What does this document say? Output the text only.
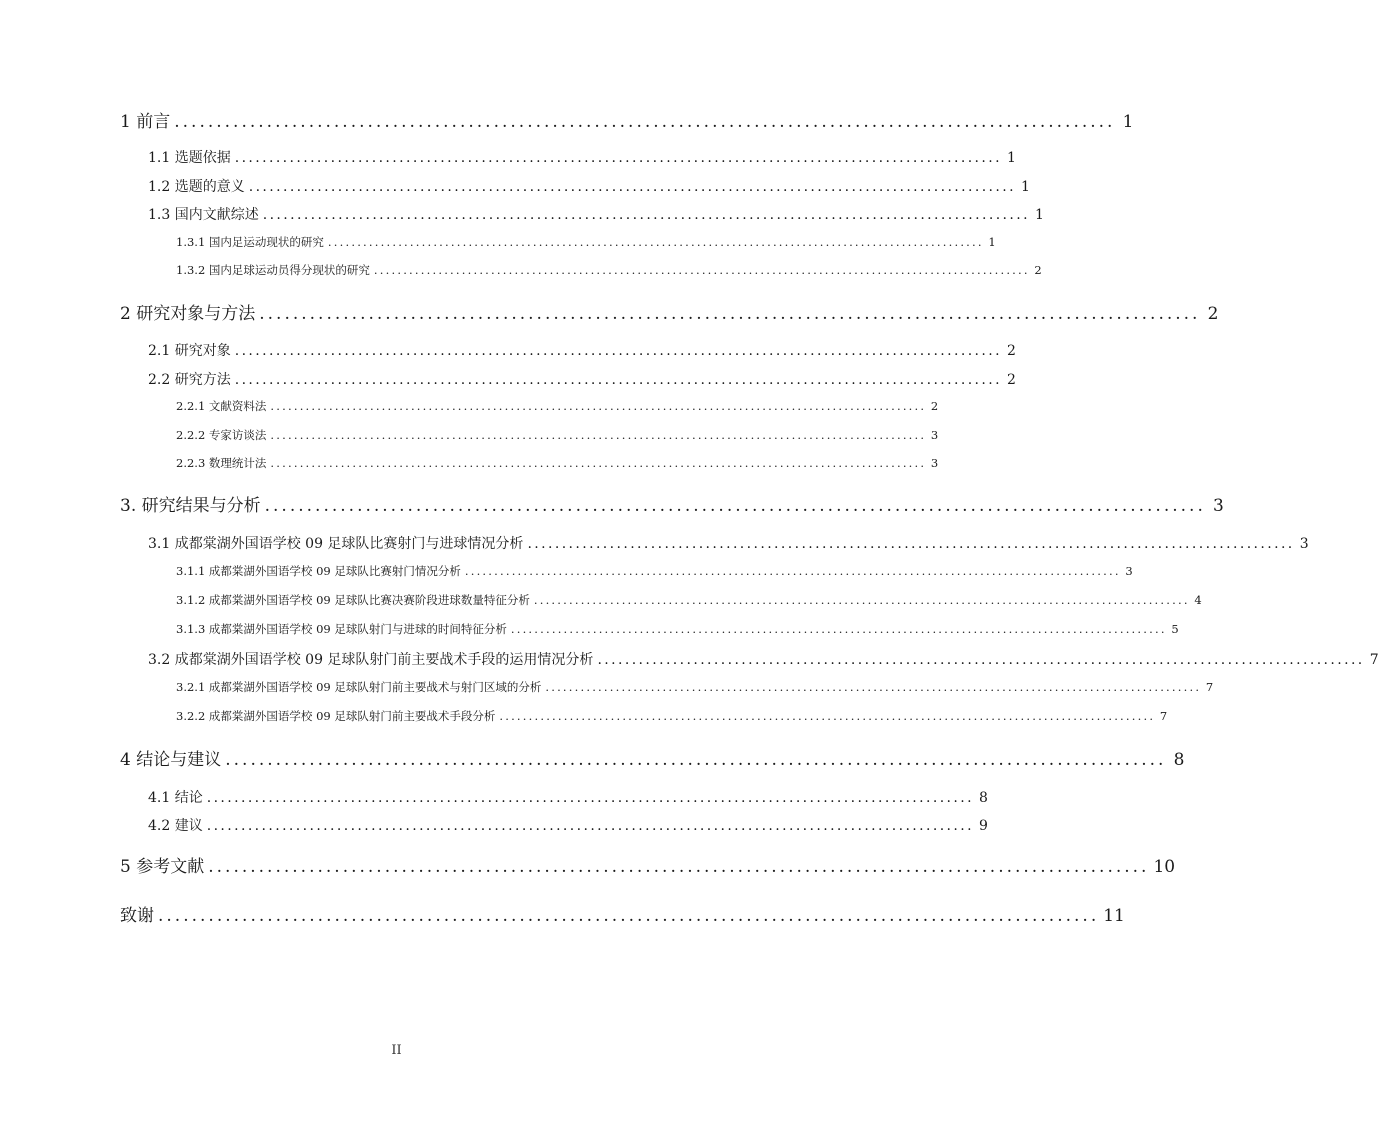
1 前言 ................................................................................................................ 1
1.1 选题依据 ................................................................................................................ 1
1.2 选题的意义 ................................................................................................................ 1
1.3 国内文献综述 ................................................................................................................ 1
1.3.1 国内足运动现状的研究 ................................................................................................................ 1
1.3.2 国内足球运动员得分现状的研究 ................................................................................................................ 2
2 研究对象与方法 ................................................................................................................ 2
2.1 研究对象 ................................................................................................................ 2
2.2 研究方法 ................................................................................................................ 2
2.2.1 文献资料法 ................................................................................................................ 2
2.2.2 专家访谈法 ................................................................................................................ 3
2.2.3 数理统计法 ................................................................................................................ 3
3. 研究结果与分析 ................................................................................................................ 3
3.1 成都棠湖外国语学校 09 足球队比赛射门与进球情况分析 ................................................................................................................ 3
3.1.1 成都棠湖外国语学校 09 足球队比赛射门情况分析 ................................................................................................................ 3
3.1.2 成都棠湖外国语学校 09 足球队比赛决赛阶段进球数量特征分析 ................................................................................................................ 4
3.1.3 成都棠湖外国语学校 09 足球队射门与进球的时间特征分析 ................................................................................................................ 5
3.2 成都棠湖外国语学校 09 足球队射门前主要战术手段的运用情况分析 ................................................................................................................ 7
3.2.1 成都棠湖外国语学校 09 足球队射门前主要战术与射门区域的分析 ................................................................................................................ 7
3.2.2 成都棠湖外国语学校 09 足球队射门前主要战术手段分析 ................................................................................................................ 7
4 结论与建议 ................................................................................................................ 8
4.1 结论 ................................................................................................................ 8
4.2 建议 ................................................................................................................ 9
5 参考文献 ................................................................................................................ 10
致谢 ................................................................................................................ 11
II
